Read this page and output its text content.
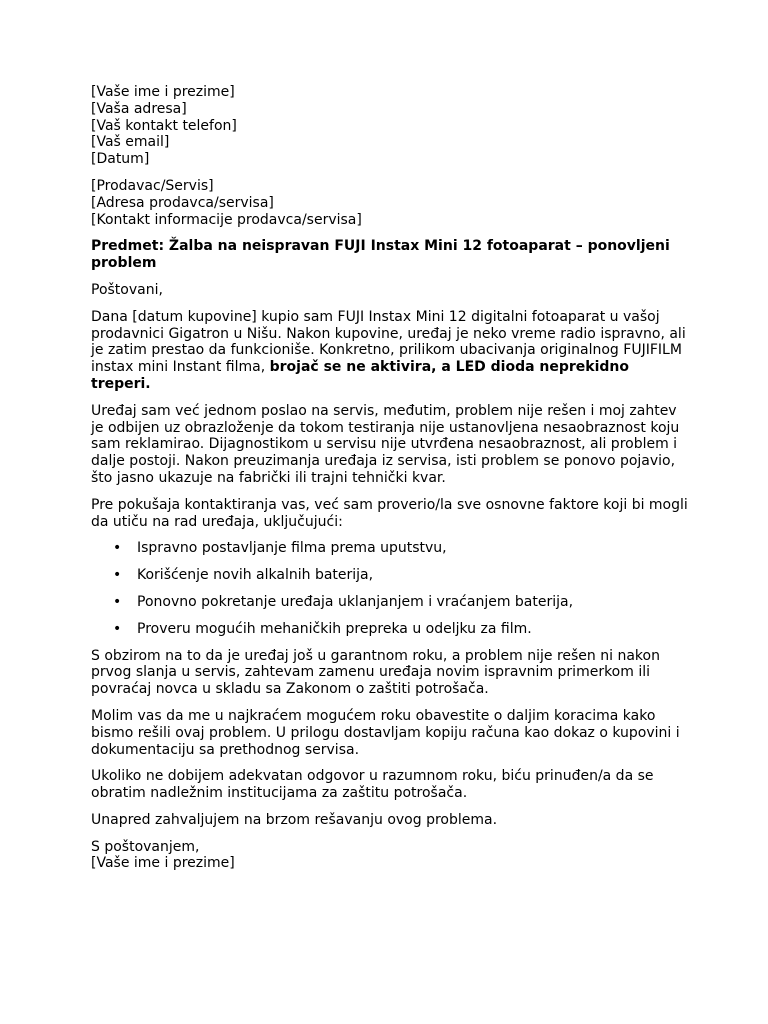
[Vaše ime i prezime]
[Vaša adresa]
[Vaš kontakt telefon]
[Vaš email]
[Datum]
[Prodavac/Servis]
[Adresa prodavca/servisa]
[Kontakt informacije prodavca/servisa]

Predmet: Žalba na neispravan FUJI Instax Mini 12 fotoaparat – ponovljeni problem

Poštovani,

Dana [datum kupovine] kupio sam FUJI Instax Mini 12 digitalni fotoaparat u vašoj prodavnici Gigatron u Nišu. Nakon kupovine, uređaj je neko vreme radio ispravno, ali je zatim prestao da funkcioniše. Konkretno, prilikom ubacivanja originalnog FUJIFILM instax mini Instant filma, brojač se ne aktivira, a LED dioda neprekidno treperi.

Uređaj sam već jednom poslao na servis, međutim, problem nije rešen i moj zahtev je odbijen uz obrazloženje da tokom testiranja nije ustanovljena nesaobraznost koju sam reklamirao. Dijagnostikom u servisu nije utvrđena nesaobraznost, ali problem i dalje postoji. Nakon preuzimanja uređaja iz servisa, isti problem se ponovo pojavio, što jasno ukazuje na fabrički ili trajni tehnički kvar.

Pre pokušaja kontaktiranja vas, već sam proverio/la sve osnovne faktore koji bi mogli da utiču na rad uređaja, uključujući:

• Ispravno postavljanje filma prema uputstvu,
• Korišćenje novih alkalnih baterija,
• Ponovno pokretanje uređaja uklanjanjem i vraćanjem baterija,
• Proveru mogućih mehaničkih prepreka u odeljku za film.

S obzirom na to da je uređaj još u garantnom roku, a problem nije rešen ni nakon prvog slanja u servis, zahtevam zamenu uređaja novim ispravnim primerkom ili povraćaj novca u skladu sa Zakonom o zaštiti potrošača.

Molim vas da me u najkraćem mogućem roku obavestite o daljim koracima kako bismo rešili ovaj problem. U prilogu dostavljam kopiju računa kao dokaz o kupovini i dokumentaciju sa prethodnog servisa.

Ukoliko ne dobijem adekvatan odgovor u razumnom roku, biću prinuđen/a da se obratim nadležnim institucijama za zaštitu potrošača.

Unapred zahvaljujem na brzom rešavanju ovog problema.

S poštovanjem,
[Vaše ime i prezime]
